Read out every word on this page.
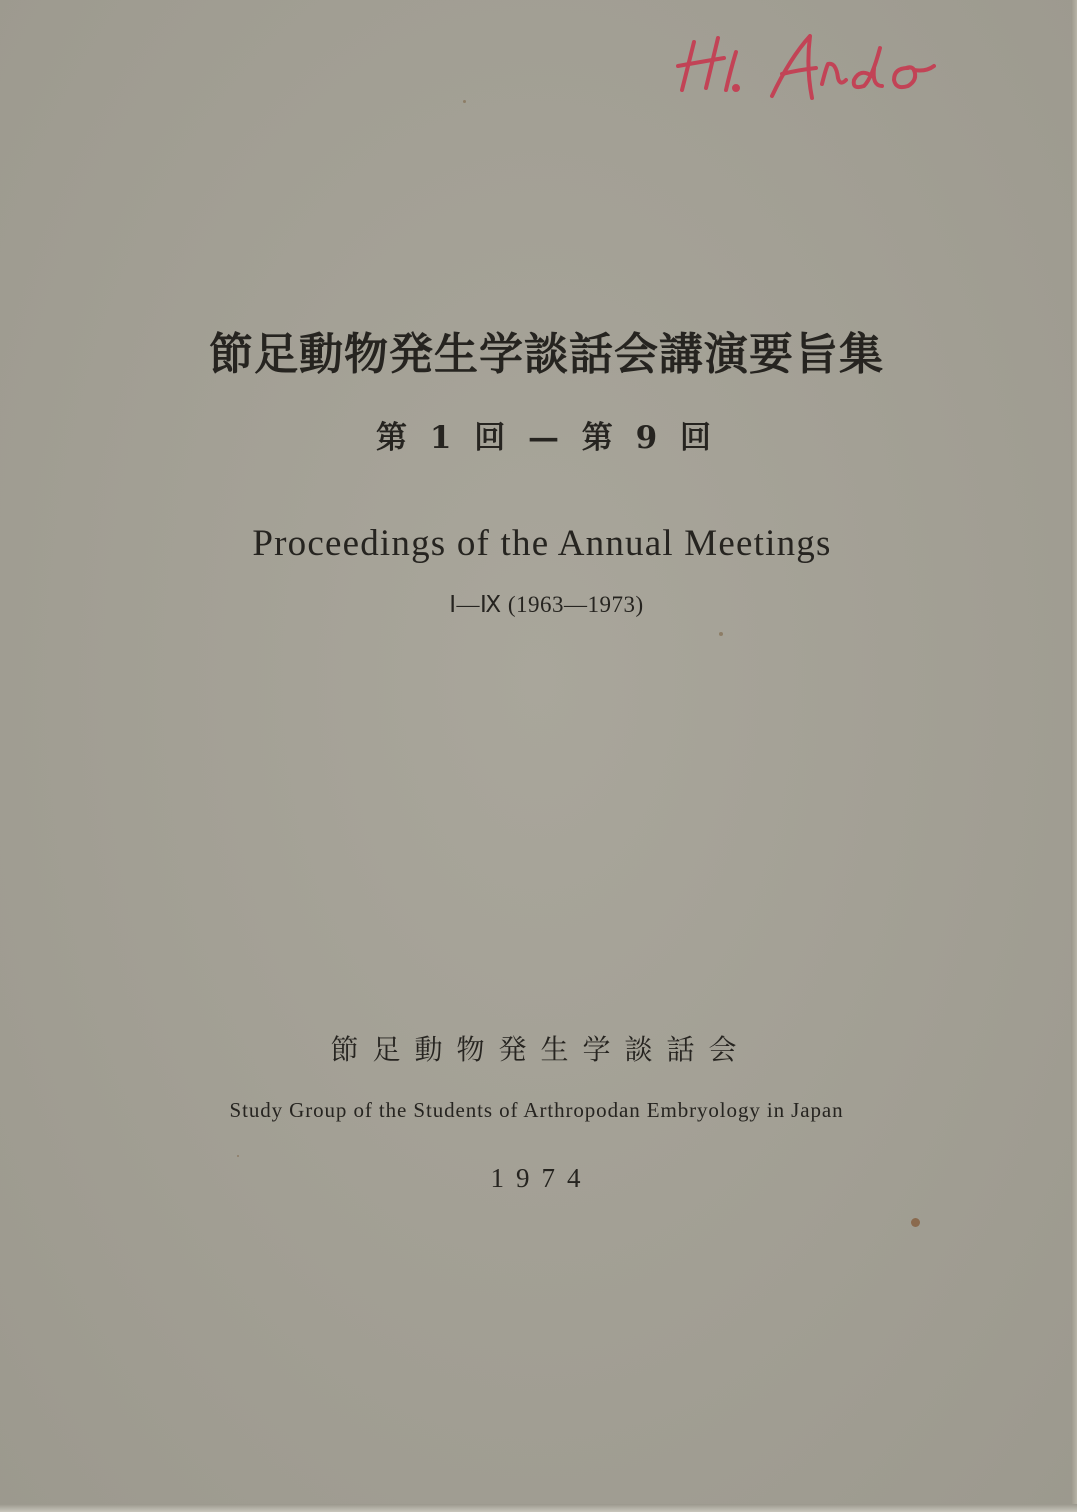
節足動物発生学談話会講演要旨集
第 1 回 — 第 9 回
Proceedings of the Annual Meetings
Ⅰ—Ⅸ (1963—1973)
節足動物発生学談話会
Study Group of the Students of Arthropodan Embryology in Japan
1974
